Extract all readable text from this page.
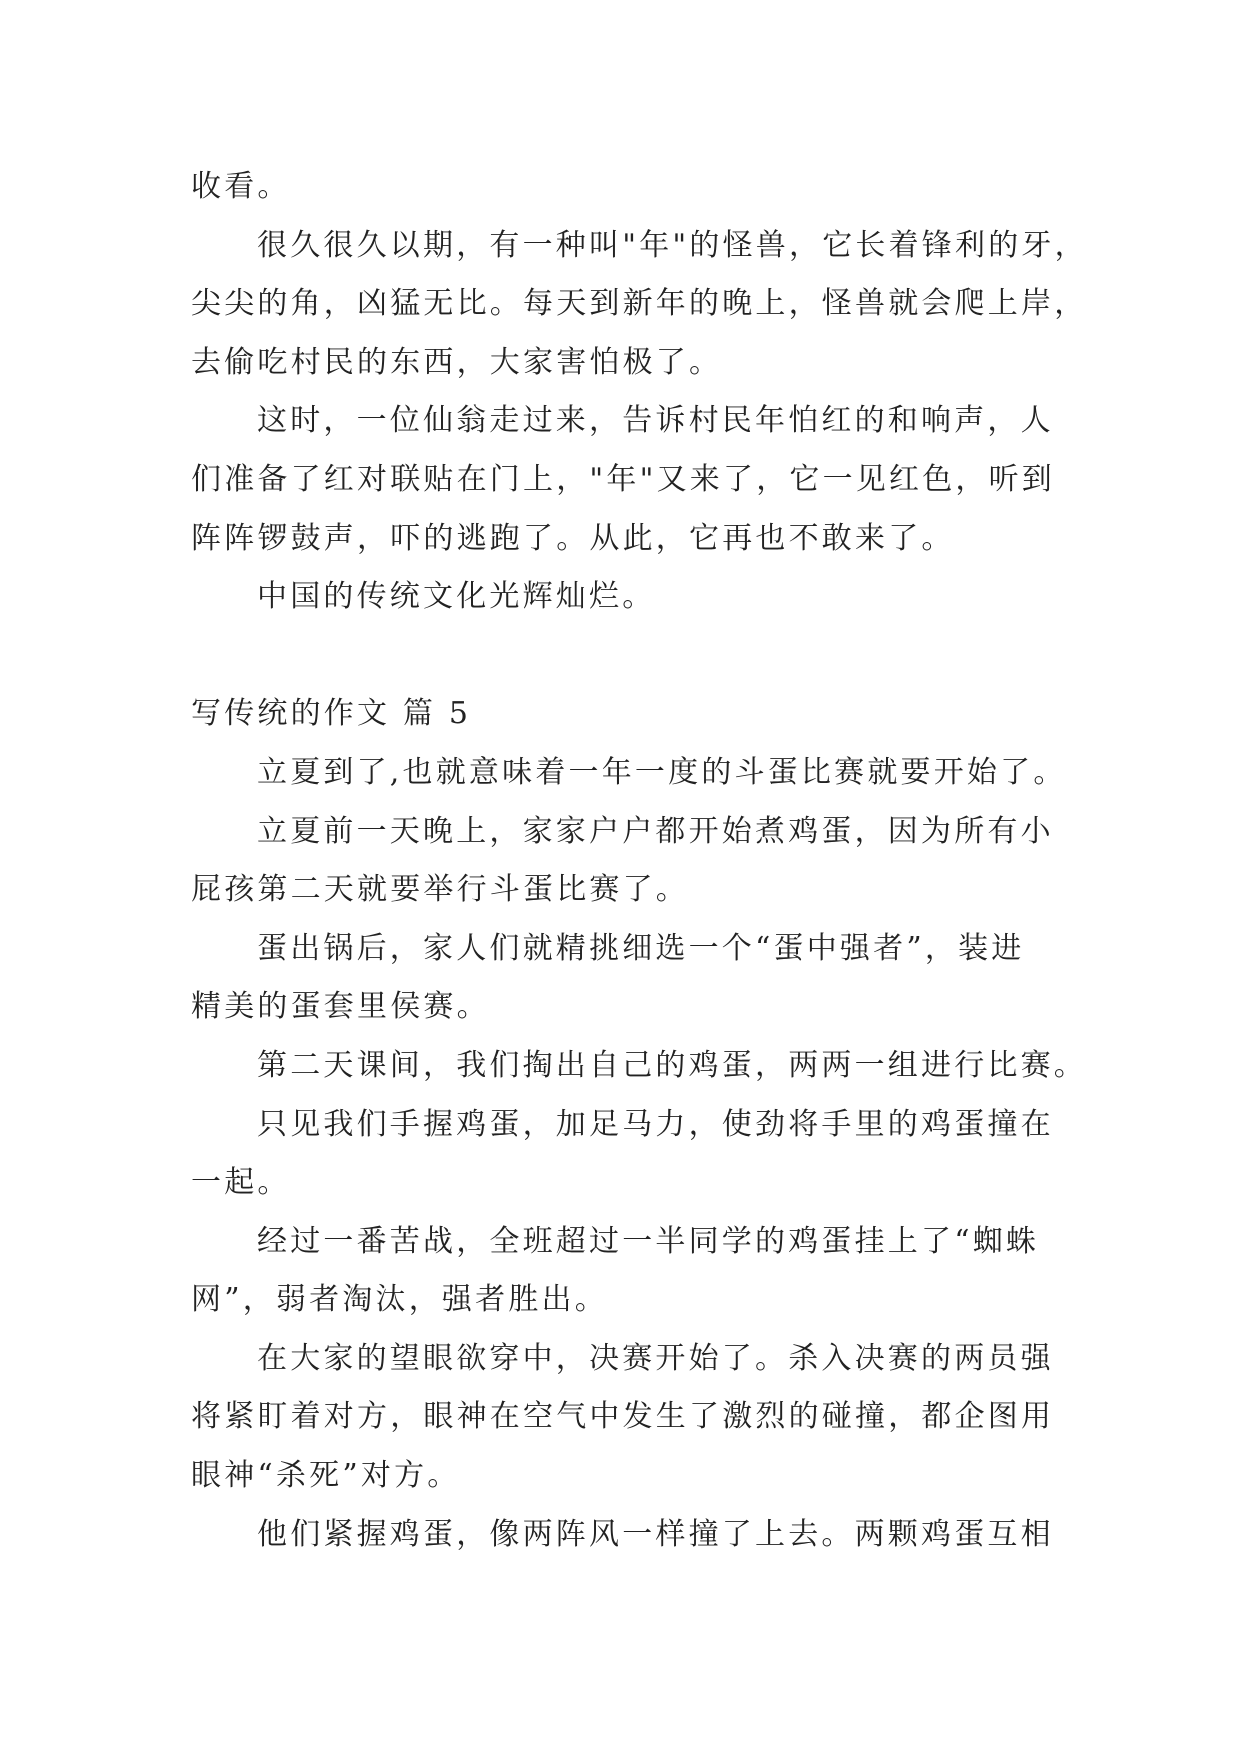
收看。
很久很久以期，有一种叫"年"的怪兽，它长着锋利的牙，
尖尖的角，凶猛无比。每天到新年的晚上，怪兽就会爬上岸，
去偷吃村民的东西，大家害怕极了。
这时，一位仙翁走过来，告诉村民年怕红的和响声，人
们准备了红对联贴在门上，"年"又来了，它一见红色，听到
阵阵锣鼓声，吓的逃跑了。从此，它再也不敢来了。
中国的传统文化光辉灿烂。
写传统的作文 篇 5
立夏到了,也就意味着一年一度的斗蛋比赛就要开始了。
立夏前一天晚上，家家户户都开始煮鸡蛋，因为所有小
屁孩第二天就要举行斗蛋比赛了。
蛋出锅后，家人们就精挑细选一个“蛋中强者”，装进
精美的蛋套里侯赛。
第二天课间，我们掏出自己的鸡蛋，两两一组进行比赛。
只见我们手握鸡蛋，加足马力，使劲将手里的鸡蛋撞在
一起。
经过一番苦战，全班超过一半同学的鸡蛋挂上了“蜘蛛
网”，弱者淘汰，强者胜出。
在大家的望眼欲穿中，决赛开始了。杀入决赛的两员强
将紧盯着对方，眼神在空气中发生了激烈的碰撞，都企图用
眼神“杀死”对方。
他们紧握鸡蛋，像两阵风一样撞了上去。两颗鸡蛋互相
